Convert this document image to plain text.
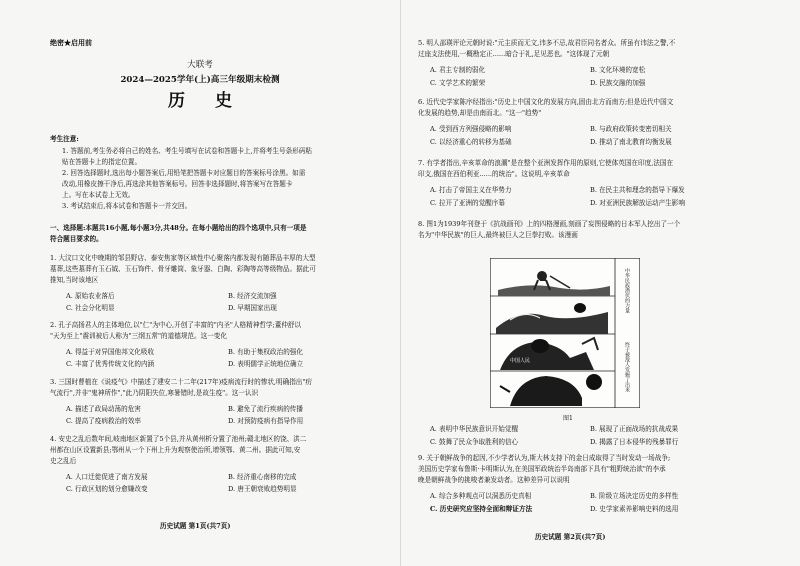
绝密★启用前
大联考
2024—2025学年(上)高三年级期末检测
历 史
考生注意:
1. 答题前,考生务必将自己的姓名、考生号填写在试卷和答题卡上,并将考生号条形码粘
贴在答题卡上的指定位置。
2. 回答选择题时,选出每小题答案后,用铅笔把答题卡对应题目的答案标号涂黑。如需
改动,用橡皮擦干净后,再选涂其他答案标号。回答非选择题时,将答案写在答题卡
上。写在本试卷上无效。
3. 考试结束后,将本试卷和答题卡一并交回。
一、选择题:本题共16小题,每小题3分,共48分。在每小题给出的四个选项中,只有一项是
符合题目要求的。
1. 大汶口文化中晚期的邹县野店、泰安焦家等区域性中心聚落内都发现有随葬品丰厚的大型
墓葬,这些墓葬有玉石钺、玉石饰件、骨牙雕筒、象牙器、白陶、彩陶等高等级物品。据此可
推知,当时该地区
A. 原始农业落后	B. 经济交流加强
C. 社会分化明显	D. 早期国家出现
2. 孔子高扬君人的主体地位,以"仁"为中心,开创了丰富的"内圣"人格精神哲学;董仲舒以
"天为至上"震训被后人称为"三纲五常"的道德规范。这一变化
A. 得益于对异国他邦文化吸收	B. 有助于集权政治的强化
C. 丰富了优秀传统文化的内涵	D. 表明儒学正统地位确立
3. 三国时曹植在《说疫气》中描述了建安二十二年(217年)疫病流行时的惨状,明确指出"疠
气流行",并非"鬼神所作","此乃阴阳失位,寒暑错时,是故生疫"。这一认识
A. 描述了政局动荡的危害	B. 避免了流行疾病的传播
C. 提高了疫病救治的效率	D. 对预防疫病有指导作用
4. 安史之乱后数年间,岐南地区新置了5个县,并从黄州析分置了池州;赣北地区的饶、洪二
州都在山区设置新县;鄂州从一个下州上升为观察使治所,增领鄂、黄二州。据此可知,安
史之乱后
A. 人口迁徙促进了南方发展	B. 经济重心南移的完成
C. 行政区划的划分愈嫌改变	D. 唐王朝衰败趋势明显
历史试题 第1页(共7页)
5. 明人邵瑛评论元朝时说:"元主质而无文,讳多不忌,故君臣同名者众。所虽有讳法之警,不
过座支法使用,一概勘定正......暗合于礼,足见恶也。"这体现了元朝
A. 君主专制的弱化	B. 文化环境的宽松
C. 文学艺术的繁荣	D. 民族交融的加强
6. 近代史学家陈序经指出:"历史上中国文化的发展方向,固由北方而南方;但是近代中国文
化发展的趋势,却是由南而北。"这一"趋势"
A. 受到西方列强侵略的影响	B. 与政府政策转变密切相关
C. 以经济重心的转移为基础	D. 推动了南北教育均衡发展
7. 有学者指出,辛亥革命的浪潮"是在整个亚洲发挥作用的原则,它使体英国在印度,法国在
印支,俄国在西伯利亚......的统治"。这说明,辛亥革命
A. 打击了帝国主义在华势力	B. 在民主共和理念的指导下爆发
C. 拉开了亚洲的觉醒序幕	D. 对亚洲民族解放运动产生影响
8. 图1为1939年刊登于《抗战画刊》上的四格漫画,刻画了妄图侵略的日本军人挖出了一个
名为"中华民族"的巨人,最终被巨人之巨拳打败。该漫画
中华民族潜伏的力量
终于被敌人发掘了出来
中国人民
图1
A. 表明中华民族意识开始觉醒	B. 展现了正面战场的抗战成果
C. 鼓舞了民众争取胜利的信心	D. 揭露了日本侵华的残暴罪行
9. 关于朝鲜战争的起因,不少学者认为,斯大林支持下的金日成取得了当时发动一场战争;
美国历史学家布鲁斯·卡明斯认为,在美国军政统治半岛南部下具有"粗野统治欲"的李承
晚是朝鲜战争的挑唆者兼发动者。这种差异可以说明
A. 综合多种观点可以洞悉历史真相	B. 阶级立场决定历史的多样性
C. 历史研究应坚持全面和辩证方法	D. 史学家素养影响史料的选用
历史试题 第2页(共7页)
